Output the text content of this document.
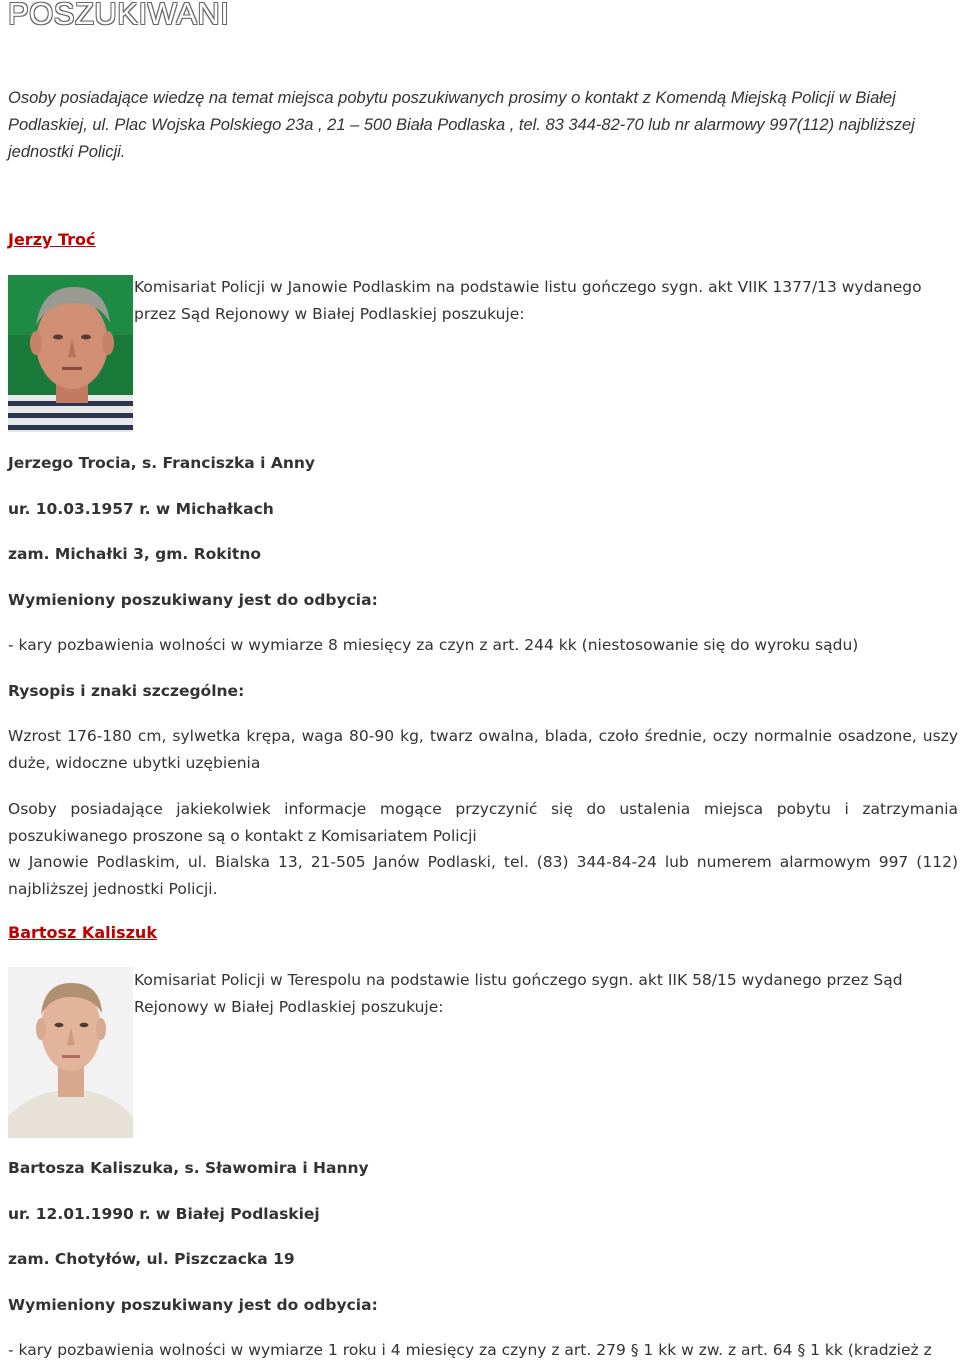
POSZUKIWANI

Osoby posiadające wiedzę na temat miejsca pobytu poszukiwanych prosimy o kontakt z Komendą Miejską Policji w Białej Podlaskiej, ul. Plac Wojska Polskiego 23a , 21 – 500 Biała Podlaska , tel. 83 344-82-70 lub nr alarmowy 997(112) najbliższej jednostki Policji.

Jerzy Troć

Komisariat Policji w Janowie Podlaskim na podstawie listu gończego sygn. akt VIIK 1377/13 wydanego przez Sąd Rejonowy w Białej Podlaskiej poszukuje:

Jerzego Trocia, s. Franciszka i Anny

ur. 10.03.1957 r. w Michałkach

zam. Michałki 3, gm. Rokitno

Wymieniony poszukiwany jest do odbycia:

- kary pozbawienia wolności w wymiarze 8 miesięcy za czyn z art. 244 kk (niestosowanie się do wyroku sądu)

Rysopis i znaki szczególne:

Wzrost 176-180 cm, sylwetka krępa, waga 80-90 kg, twarz owalna, blada, czoło średnie, oczy normalnie osadzone, uszy duże, widoczne ubytki uzębienia

Osoby posiadające jakiekolwiek informacje mogące przyczynić się do ustalenia miejsca pobytu i zatrzymania poszukiwanego proszone są o kontakt z Komisariatem Policji

w Janowie Podlaskim, ul. Bialska 13, 21-505 Janów Podlaski, tel. (83) 344-84-24 lub numerem alarmowym 997 (112) najbliższej jednostki Policji.

Bartosz Kaliszuk

Komisariat Policji w Terespolu na podstawie listu gończego sygn. akt IIK 58/15 wydanego przez Sąd Rejonowy w Białej Podlaskiej poszukuje:

Bartosza Kaliszuka, s. Sławomira i Hanny

ur. 12.01.1990 r. w Białej Podlaskiej

zam. Chotyłów, ul. Piszczacka 19

Wymieniony poszukiwany jest do odbycia:

- kary pozbawienia wolności w wymiarze 1 roku i 4 miesięcy za czyny z art. 279 § 1 kk w zw. z art. 64 § 1 kk (kradzież z
